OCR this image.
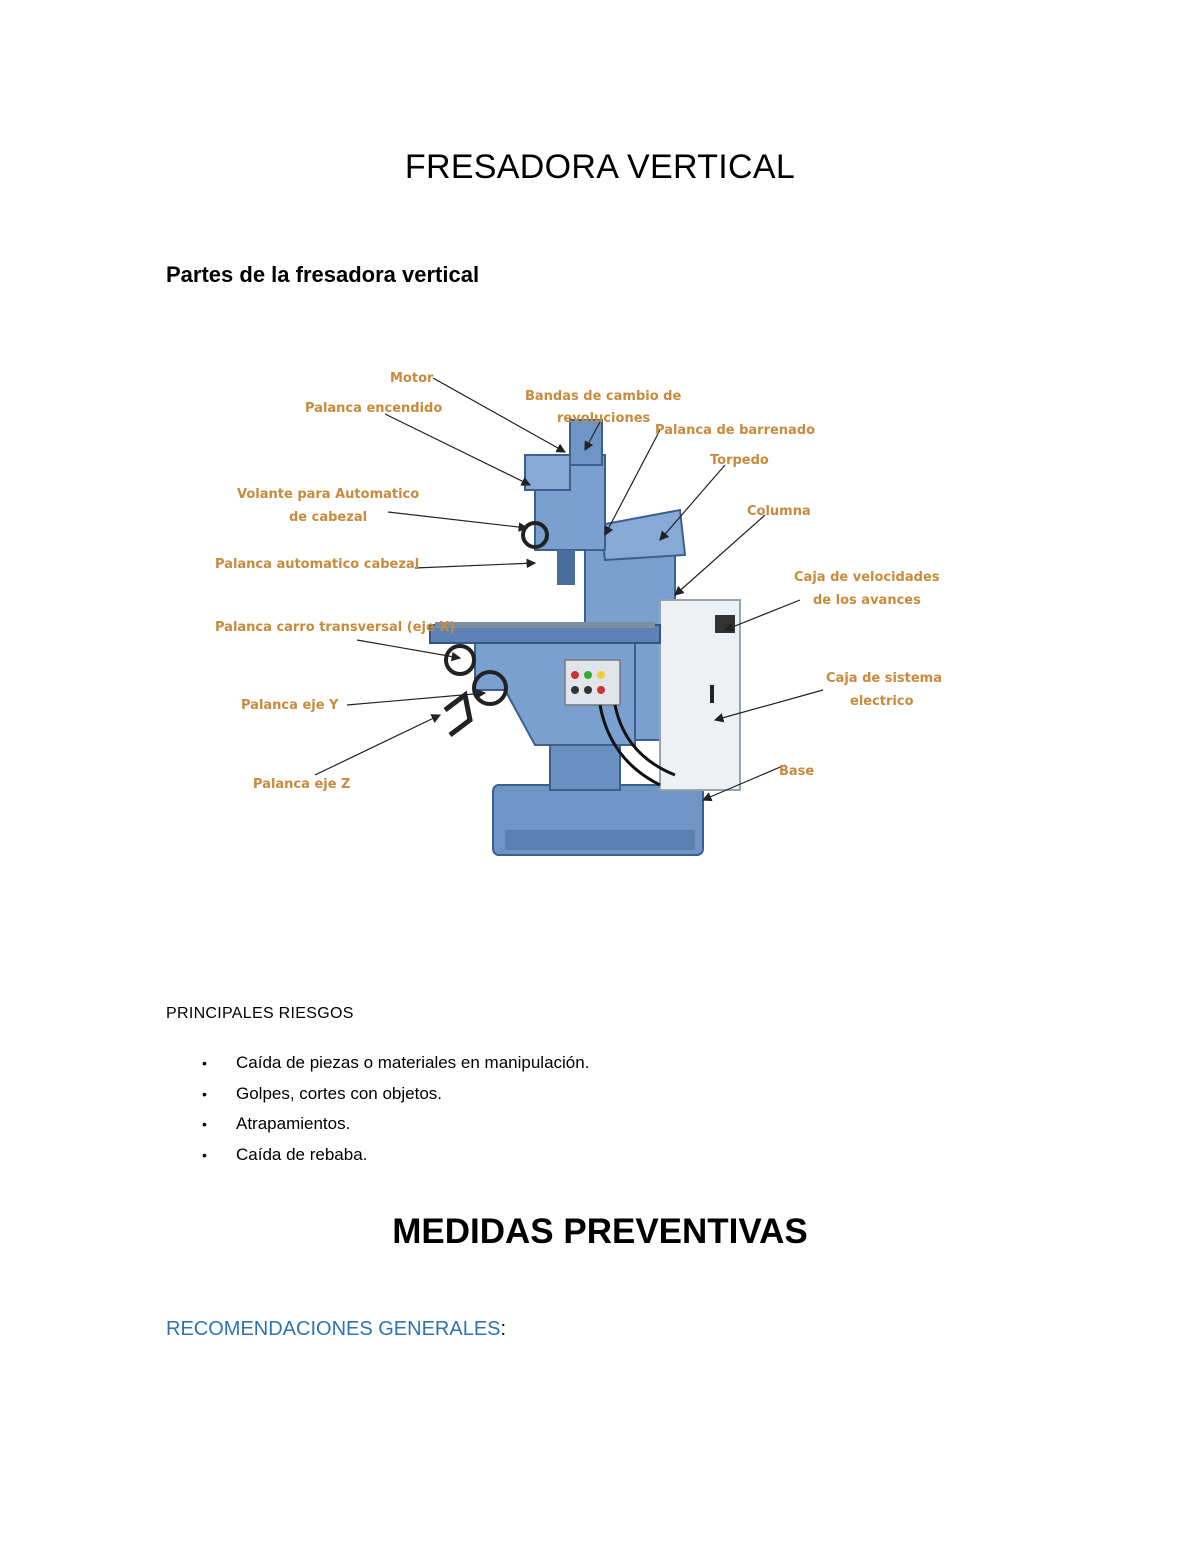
FRESADORA VERTICAL
Partes de la fresadora vertical
Motor
Palanca encendido
Bandas de cambio de
revoluciones
Palanca de barrenado
Torpedo
Volante para Automatico
de cabezal	Columna
Palanca automatico cabezal
Caja de velocidades
de los avances
Palanca carro transversal (eje X)
Caja de sistema
electrico
Palanca eje Y
Base
Palanca eje Z
PRINCIPALES RIESGOS
• Caída de piezas o materiales en manipulación.
• Golpes, cortes con objetos.
• Atrapamientos.
• Caída de rebaba.
MEDIDAS PREVENTIVAS
RECOMENDACIONES GENERALES:
